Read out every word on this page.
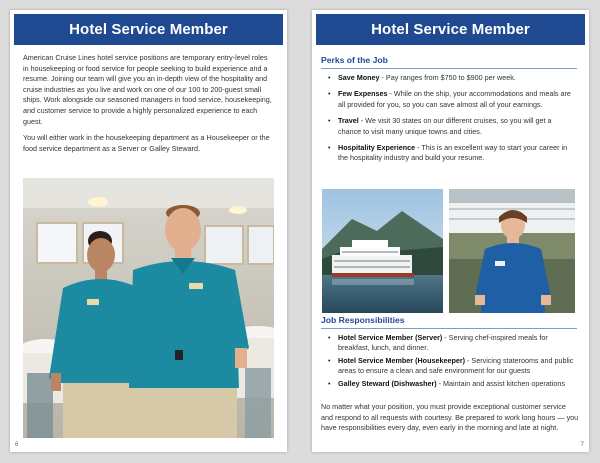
Hotel Service Member

American Cruise Lines hotel service positions are temporary entry-level roles in housekeeping or food service for people seeking to build experience and a resume. Joining our team will give you an in-depth view of the hospitality and cruise industries as you live and work on one of our 100 to 200-guest small ships. Work alongside our seasoned managers in food service, housekeeping, and customer service to provide a highly personalized experience to each guest.

You will either work in the housekeeping department as a Housekeeper or the food service department as a Server or Galley Steward.

6
Hotel Service Member
Perks of the Job
• Save Money - Pay ranges from $750 to $900 per week.
• Few Expenses - While on the ship, your accommodations and meals are all provided for you, so you can save almost all of your earnings.
• Travel - We visit 30 states on our different cruises, so you will get a chance to visit many unique towns and cities.
• Hospitality Experience - This is an excellent way to start your career in the hospitality industry and build your resume.
Job Responsibilities
• Hotel Service Member (Server) - Serving chef-inspired meals for breakfast, lunch, and dinner.
• Hotel Service Member (Housekeeper) - Servicing staterooms and public areas to ensure a clean and safe environment for our guests
• Galley Steward (Dishwasher) - Maintain and assist kitchen operations
No matter what your position, you must provide exceptional customer service and respond to all requests with courtesy. Be prepared to work long hours — you have responsibilities every day, even early in the morning and late at night.
7
